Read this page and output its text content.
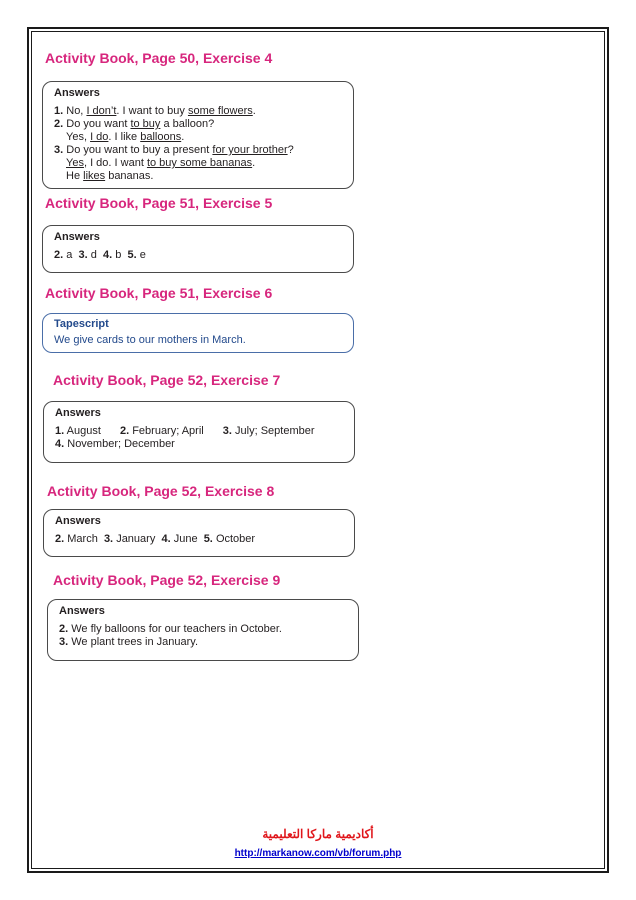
Activity Book, Page 50, Exercise 4
Answers
1. No, I don’t. I want to buy some flowers.
2. Do you want to buy a balloon?
Yes, I do. I like balloons.
3. Do you want to buy a present for your brother?
Yes, I do. I want to buy some bananas.
He likes bananas.
Activity Book, Page 51, Exercise 5
Answers
2. a 3. d 4. b 5. e
Activity Book, Page 51, Exercise 6
Tapescript
We give cards to our mothers in March.
Activity Book, Page 52, Exercise 7
Answers
1. August 2. February; April 3. July; September
4. November; December
Activity Book, Page 52, Exercise 8
Answers
2. March 3. January 4. June 5. October
Activity Book, Page 52, Exercise 9
Answers
2. We fly balloons for our teachers in October.
3. We plant trees in January.
أكاديمية ماركا التعليمية
http://markanow.com/vb/forum.php
